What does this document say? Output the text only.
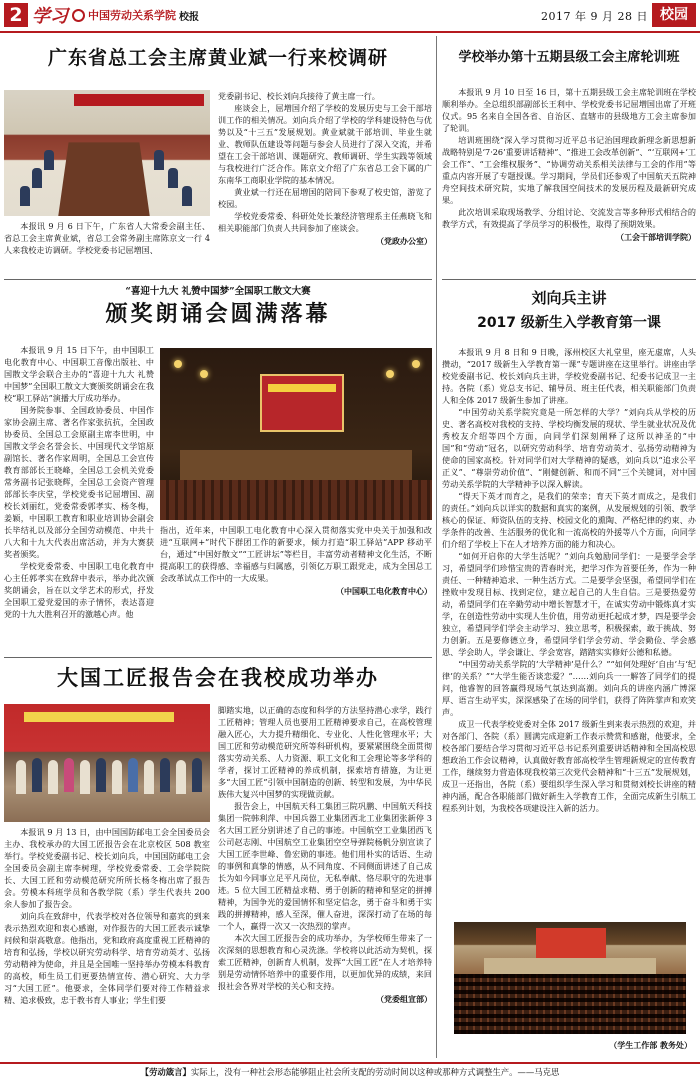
2 学习 中国劳动关系学院 校报	2017 年 9 月 28 日 校园
广东省总工会主席黄业斌一行来校调研

本报讯 9 月 6 日下午，广东省人大常委会副主任、省总工会主席黄业斌，省总工会常务副主席陈京文一行 4 人来我校走访调研。学校党委书记屈増国、

党委副书记、校长刘向兵接待了黄主席一行。

座谈会上，屈増国介绍了学校的发展历史与工会干部培训工作的相关情况。刘向兵介绍了学校的学科建设特色与优势以及“十三五”发展规划。黄业斌就干部培训、毕业生就业、教师队伍建设等问题与参会人员进行了深入交流，并希望在工会干部培训、课题研究、教师调研、学生实践等领域与我校进行广泛合作。陈京文介绍了广东省总工会下属的广东南华工商职业学院的基本情况。

黄业斌一行还在屈増国的陪同下参观了校史馆，游览了校园。

学校党委常委、科研处处长兼经济管理系主任燕晓飞和相关职能部门负责人共同参加了座谈会。

（党政办公室）
“喜迎十九大 礼赞中国梦”全国职工散文大赛
颁奖朗诵会圆满落幕

本报讯 9 月 15 日下午，由中国职工电化教育中心、中国职工音像出版社、中国散文学会联合主办的“喜迎十九大 礼赞中国梦”全国职工散文大赛颁奖朗诵会在我校“职工驿站”演播大厅成功举办。

国务院参事、全国政协委员、中国作家协会副主席、著名作家张抗抗，全国政协委员、全国总工会原副主席李世明，中国散文学会名誉会长、中国现代文学馆原副馆长、著名作家周明，全国总工会宣传教育部部长王晓峰，全国总工会机关党委常务副书记张晓辉，全国总工会资产管理部部长李庆堂，学校党委书记屈増国、副校长刘丽红，党委常委郭孝实、杨冬梅，姜颖，中国职工教育和职业培训协会副会长毕结礼以及部分全国劳动模范、中共十八大和十九大代表出席活动，并为大赛获奖者颁奖。

学校党委常委、中国职工电化教育中心主任郭孝实在致辞中表示，举办此次颁奖朗诵会，旨在以文学艺术的形式，抒发全国职工爱党爱国的赤子情怀，表达喜迎党的十九大胜利召开的激越心声。他

指出，近年来，中国职工电化教育中心深入贯彻落实党中央关于加强和改进“互联网+”时代下群团工作的新要求，倾力打造“职工驿站”APP 移动平台，通过“中国好散文”“工匠讲坛”等栏目，丰富劳动者精神文化生活，不断提高职工的获得感、幸福感与归属感，引领亿万职工跟党走，成为全国总工会改革试点工作中的一大成果。

（中国职工电化教育中心）
大国工匠报告会在我校成功举办

本报讯 9 月 13 日，由中国国防邮电工会全国委员会主办、我校承办的大国工匠报告会在北京校区 508 教室举行。学校党委副书记、校长刘向兵，中国国防邮电工会全国委员会副主席李树理，学校党委常委、工会学院院长、大国工匠和劳动模范研究所所长杨冬梅出席了报告会。劳模本科班学员和各教学院（系）学生代表共 200 余人参加了报告会。

刘向兵在致辞中，代表学校对各位领导和嘉宾的到来表示热烈欢迎和衷心感谢，对作报告的大国工匠表示诚挚问候和崇高敬意。他指出，党和政府高度重视工匠精神的培育和弘扬，学校以研究劳动科学、培育劳动英才、弘扬劳动精神为使命，并且是全国唯一坚持举办劳模本科教育的高校，师生员工们更要热情宣传、潜心研究、大力学习“大国工匠”。他要求，全体同学们要对待工作精益求精、追求极致，忠于教书育人事业；学生们要

脚踏实地，以正确的态度和科学的方法坚持潜心求学，践行工匠精神；管理人员也要用工匠精神要求自己，在高校管理融入匠心，大力提升精细化、专业化、人性化管理水平；大国工匠和劳动模范研究所等科研机构，要紧紧围绕全面贯彻落实劳动关系、人力资源、职工文化和工会理论等多学科的学者，探讨工匠精神的养成机制，探索培育措施，为让更多“大国工匠”引领中国制造的创新、转型和发展，为中华民族伟大复兴中国梦的实现做贡献。

报告会上，中国航天科工集团三院巩鹏、中国航天科技集团一院韩利萍、中国兵器工业集团西北工业集团张新停 3 名大国工匠分别讲述了自己的事迹。中国航空工业集团西飞公司赵志刚、中国航空工业集团空空导弹院杨帆分别宣读了大国工匠李世峰、鲁宏勋的事迹。他们用朴实的话语、生动的事例和真挚的情感，从不同角度、不同侧面讲述了自己成长为如今同事立足平凡岗位，无私奉献、恪尽职守的先进事迹。5 位大国工匠精益求精、勇于创新的精神和坚定的拼搏精神，为国争光的爱国情怀和坚定信念，勇于奋斗和勇于实践的拼搏精神，感人至深，催人奋进，深深打动了在场的每一个人，赢得一次又一次热烈的掌声。

本次大国工匠报告会的成功举办，为学校师生带来了一次深刻的思想教育和心灵洗涤。学校将以此活动为契机，探索工匠精神，创新育人机制，发挥“大国工匠”在人才培养特别是劳动情怀培养中的重要作用，以更加优异的成绩，来回报社会各界对学校的关心和支持。

（党委组宣部）
学校举办第十五期县级工会主席轮训班

本报讯 9 月 10 日至 16 日，第十五期县级工会主席轮训班在学校顺利举办。全总组织部副部长王利中、学校党委书记屈増国出席了开班仪式。95 名来自全国各省、自治区、直辖市的县级地方工会主席参加了轮训。

培训班围绕“深入学习贯彻习近平总书记治国理政新理念新思想新战略特别是‘7·26’重要讲话精神”、“推进工会改革创新”、“‘互联网+’工会工作”、“工会维权服务”、“协调劳动关系相关法律与工会的作用”等重点内容开展了专题授课。学习期间，学员们还参观了中国航天五院神舟空间技术研究院，实地了解我国空间技术的发展历程及最新研究成果。

此次培训采取现场教学、分组讨论、交流发言等多种形式相结合的教学方式，有效提高了学员学习的积极性，取得了预期效果。

（工会干部培训学院）
刘向兵主讲
2017 级新生入学教育第一课

本报讯 9 月 8 日和 9 日晚，涿州校区大礼堂里，座无虚席，人头攒动，“2017 级新生入学教育第一课”专题讲座在这里举行。讲座由学校党委副书记、校长刘向兵主讲，学校党委副书记、纪委书记成卫一主持。各院（系）党总支书记、辅导员、班主任代表，相关职能部门负责人和全体 2017 级新生参加了讲座。

“中国劳动关系学院究竟是一所怎样的大学？”刘向兵从学校的历史、著名高校对我校的支持、学校均衡发展的现状、学生就业状况及优秀校友介绍等四个方面，向同学们深刻阐释了这所以神圣的“中国”和“劳动”冠名，以研究劳动科学、培育劳动英才、弘扬劳动精神为使命的国家高校。针对同学们对大学精神的疑惑，刘向兵以“追求公平正义”、“尊崇劳动价值”、“刚健创新、和而不同”三个关键词，对中国劳动关系学院的大学精神予以深入解读。

“得天下英才而育之，是我们的荣幸；育天下英才而成之，是我们的责任。”刘向兵以详实的数据和真实的案例，从发展规划的引领、教学核心的保证、师资队伍的支持、校园文化的熏陶、严格纪律的约束、办学条件的改善、生活服务的优化和一流高校的外援等八个方面，向同学们介绍了学校上下在人才培养方面的能力和决心。

“如何开启你的大学生活呢？”刘向兵勉励同学们：一是要学会学习，希望同学们珍惜宝贵的青春时光，把学习作为首要任务，作为一种责任、一种精神追求、一种生活方式。二是要学会坚强，希望同学们在挫败中发现目标、找到定位，建立起自己的人生自信。三是要热爱劳动，希望同学们在辛勤劳动中增长智慧才干，在诚实劳动中锻炼真才实学，在创造性劳动中实现人生价值，用劳动更托起成才梦，四是要学会独立，希望同学们学会主动学习、独立思考，积极探索，敢于挑战、努力创新。五是要修德立身，希望同学们学会劳动、学会勤俭、学会感恩、学会助人，学会谦让、学会宽容，踏踏实实修好公德和私德。

“中国劳动关系学院的‘大学精神’是什么？”“如何处理好‘自由’与‘纪律’的关系？”“大学生能否谈恋爱？”……刘向兵一一解答了同学们的提问，他睿智的回答赢得现场气氛达到高潮。刘向兵的讲座内涵广博深厚、语言生动平实，深深感染了在场的同学们，获得了阵阵掌声和欢笑声。

成卫一代表学校党委对全体 2017 级新生到来表示热烈的欢迎，并对各部门、各院（系）圆满完成迎新工作表示赞赏和感谢，他要求，全校各部门要结合学习贯彻习近平总书记系列重要讲话精神和全国高校思想政治工作会议精神，认真做好教育部高校学生管理新规定的宣传教育工作，继续努力营造体现我校第三次党代会精神和“十三五”发展规划，成卫一还指出，各院（系）要组织学生深入学习和贯彻刘校长讲座的精神内涵，配合各职能部门做好新生入学教育工作，全面完成新生引航工程系列计划，为我校各项建设注入新的活力。

（学生工作部 教务处）
【劳动箴言】实际上，没有一种社会形态能够阻止社会所支配的劳动时间以这种或那种方式调整生产。——马克思
